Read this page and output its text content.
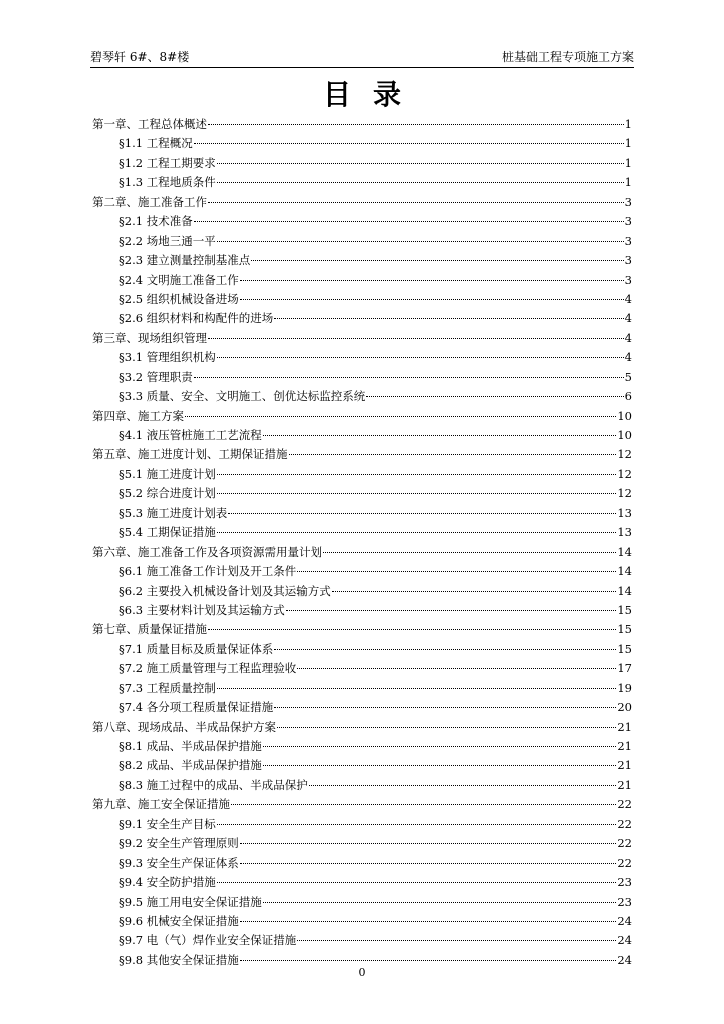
碧琴轩 6#、8#楼	桩基础工程专项施工方案
目录
第一章、工程总体概述	1
§1.1 工程概况	1
§1.2 工程工期要求	1
§1.3 工程地质条件	1
第二章、施工准备工作	3
§2.1 技术准备	3
§2.2 场地三通一平	3
§2.3 建立测量控制基准点	3
§2.4 文明施工准备工作	3
§2.5 组织机械设备进场	4
§2.6 组织材料和构配件的进场	4
第三章、现场组织管理	4
§3.1 管理组织机构	4
§3.2 管理职责	5
§3.3 质量、安全、文明施工、创优达标监控系统	6
第四章、施工方案	10
§4.1 液压管桩施工工艺流程	10
第五章、施工进度计划、工期保证措施	12
§5.1 施工进度计划	12
§5.2 综合进度计划	12
§5.3 施工进度计划表	13
§5.4 工期保证措施	13
第六章、施工准备工作及各项资源需用量计划	14
§6.1 施工准备工作计划及开工条件	14
§6.2 主要投入机械设备计划及其运输方式	14
§6.3 主要材料计划及其运输方式	15
第七章、质量保证措施	15
§7.1 质量目标及质量保证体系	15
§7.2 施工质量管理与工程监理验收	17
§7.3 工程质量控制	19
§7.4 各分项工程质量保证措施	20
第八章、现场成品、半成品保护方案	21
§8.1 成品、半成品保护措施	21
§8.2 成品、半成品保护措施	21
§8.3 施工过程中的成品、半成品保护	21
第九章、施工安全保证措施	22
§9.1 安全生产目标	22
§9.2 安全生产管理原则	22
§9.3 安全生产保证体系	22
§9.4 安全防护措施	23
§9.5 施工用电安全保证措施	23
§9.6 机械安全保证措施	24
§9.7 电（气）焊作业安全保证措施	24
§9.8 其他安全保证措施	24
0
